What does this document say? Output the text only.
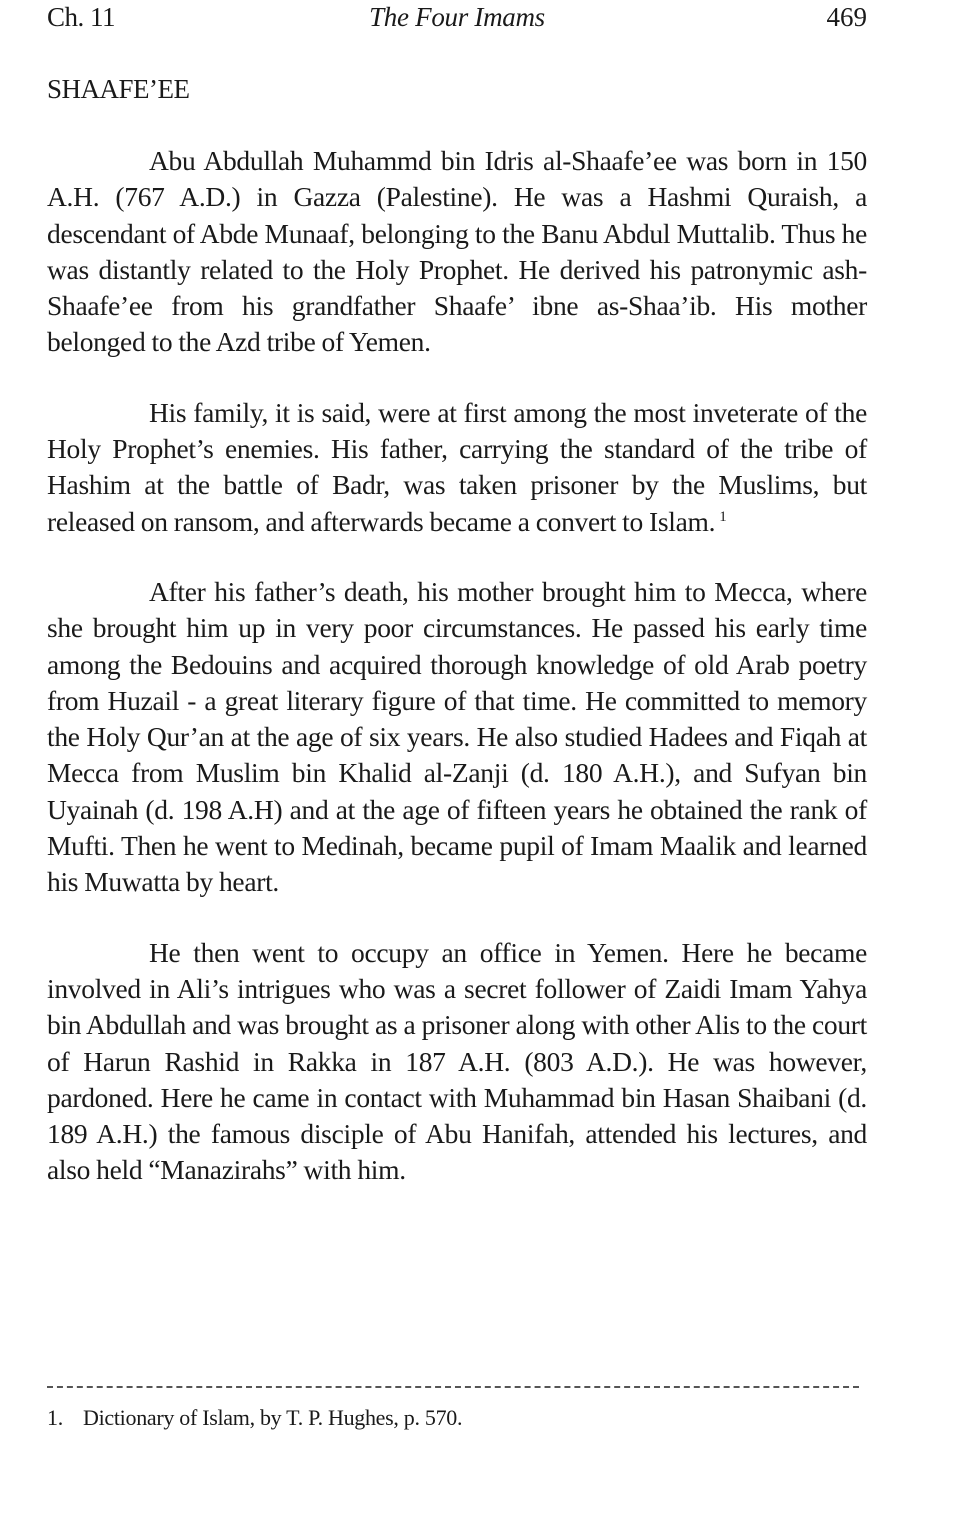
Ch. 11	The Four Imams	469
SHAAFE’EE

Abu Abdullah Muhammd bin Idris al-Shaafe’ee was born in 150 A.H. (767 A.D.) in Gazza (Palestine). He was a Hashmi Quraish, a descendant of Abde Munaaf, belonging to the Banu Abdul Muttalib. Thus he was distantly related to the Holy Prophet. He derived his patronymic ash-Shaafe’ee from his grandfather Shaafe’ ibne as-Shaa’ib. His mother belonged to the Azd tribe of Yemen.

His family, it is said, were at first among the most inveterate of the Holy Prophet’s enemies. His father, carrying the standard of the tribe of Hashim at the battle of Badr, was taken prisoner by the Muslims, but released on ransom, and afterwards became a convert to Islam. $^1$

After his father’s death, his mother brought him to Mecca, where she brought him up in very poor circumstances. He passed his early time among the Bedouins and acquired thorough knowledge of old Arab poetry from Huzail - a great literary figure of that time. He committed to memory the Holy Qur’an at the age of six years. He also studied Hadees and Fiqah at Mecca from Muslim bin Khalid al-Zanji (d. 180 A.H.), and Sufyan bin Uyainah (d. 198 A.H) and at the age of fifteen years he obtained the rank of Mufti. Then he went to Medinah, became pupil of Imam Maalik and learned his Muwatta by heart.

He then went to occupy an office in Yemen. Here he became involved in Ali’s intrigues who was a secret follower of Zaidi Imam Yahya bin Abdullah and was brought as a prisoner along with other Alis to the court of Harun Rashid in Rakka in 187 A.H. (803 A.D.). He was however, pardoned. Here he came in contact with Muhammad bin Hasan Shaibani (d. 189 A.H.) the famous disciple of Abu Hanifah, attended his lectures, and also held “Manazirahs” with him.

1. Dictionary of Islam, by T. P. Hughes, p. 570.
